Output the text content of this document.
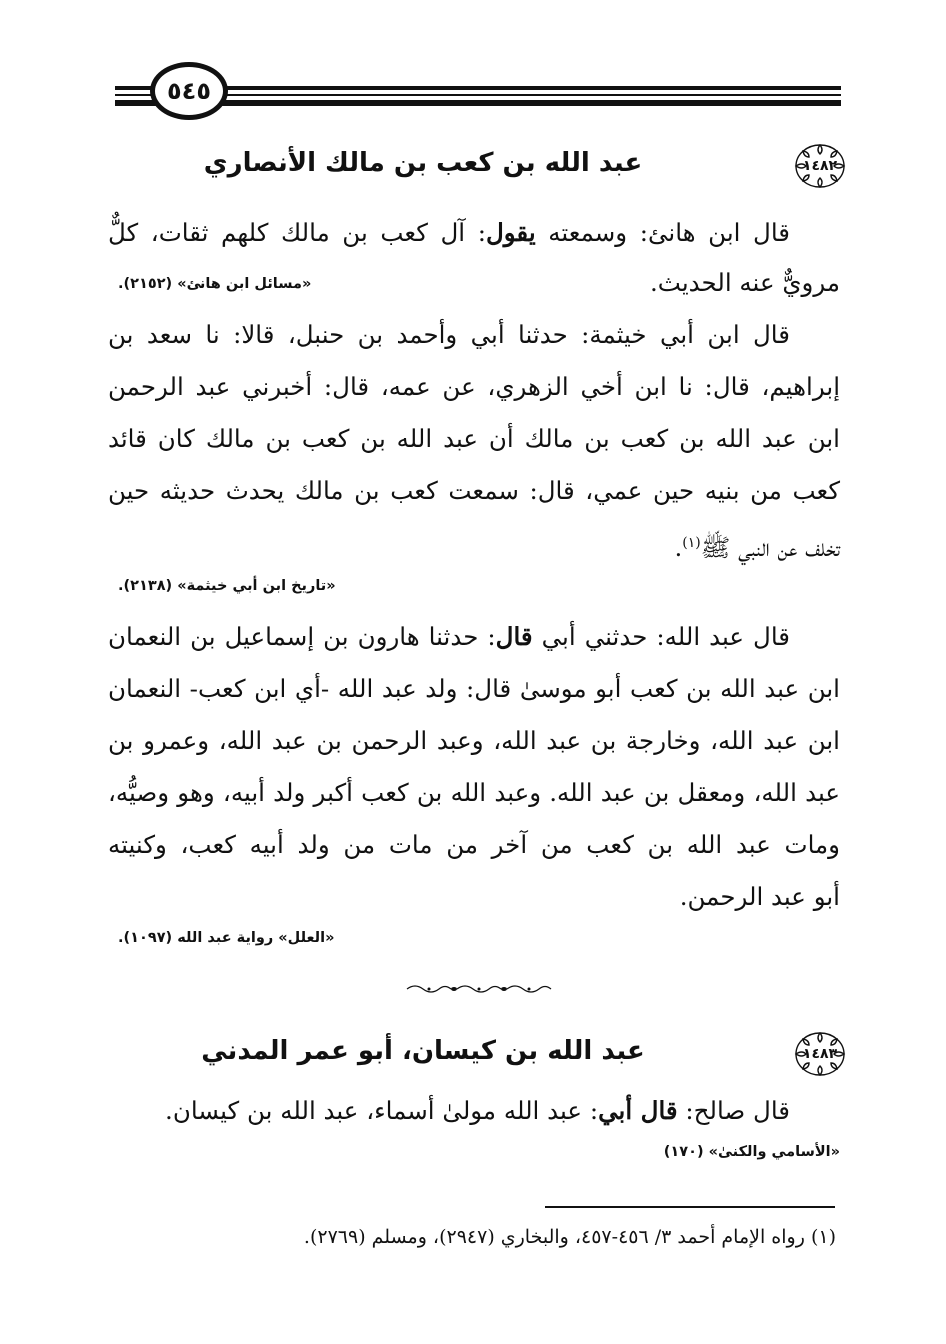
٥٤٥
١٤٨٢
عبد الله بن كعب بن مالك الأنصاري
قال ابن هانئ: وسمعته يقول: آل كعب بن مالك كلهم ثقات، كلٌّ
مرويٌّ عنه الحديث.
«مسائل ابن هانئ» (٢١٥٢).
قال ابن أبي خيثمة: حدثنا أبي وأحمد بن حنبل، قالا: نا سعد بن
إبراهيم، قال: نا ابن أخي الزهري، عن عمه، قال: أخبرني عبد الرحمن
ابن عبد الله بن كعب بن مالك أن عبد الله بن كعب بن مالك كان قائد
كعب من بنيه حين عمي، قال: سمعت كعب بن مالك يحدث حديثه حين
تخلف عن النبي ﷺ$^{(١)}$.
«تاريخ ابن أبي خيثمة» (٢١٣٨).
قال عبد الله: حدثني أبي قال: حدثنا هارون بن إسماعيل بن النعمان
ابن عبد الله بن كعب أبو موسىٰ قال: ولد عبد الله -أي ابن كعب- النعمان
ابن عبد الله، وخارجة بن عبد الله، وعبد الرحمن بن عبد الله، وعمرو بن
عبد الله، ومعقل بن عبد الله. وعبد الله بن كعب أكبر ولد أبيه، وهو وصيُّه،
ومات عبد الله بن كعب من آخر من مات من ولد أبيه كعب، وكنيته
أبو عبد الرحمن.
«العلل» رواية عبد الله (١٠٩٧).
١٤٨٣
عبد الله بن كيسان، أبو عمر المدني
قال صالح: قال أبي: عبد الله مولىٰ أسماء، عبد الله بن كيسان.
«الأسامي والكنىٰ» (١٧٠)
(١) رواه الإمام أحمد ٣/ ٤٥٦-٤٥٧، والبخاري (٢٩٤٧)، ومسلم (٢٧٦٩).
